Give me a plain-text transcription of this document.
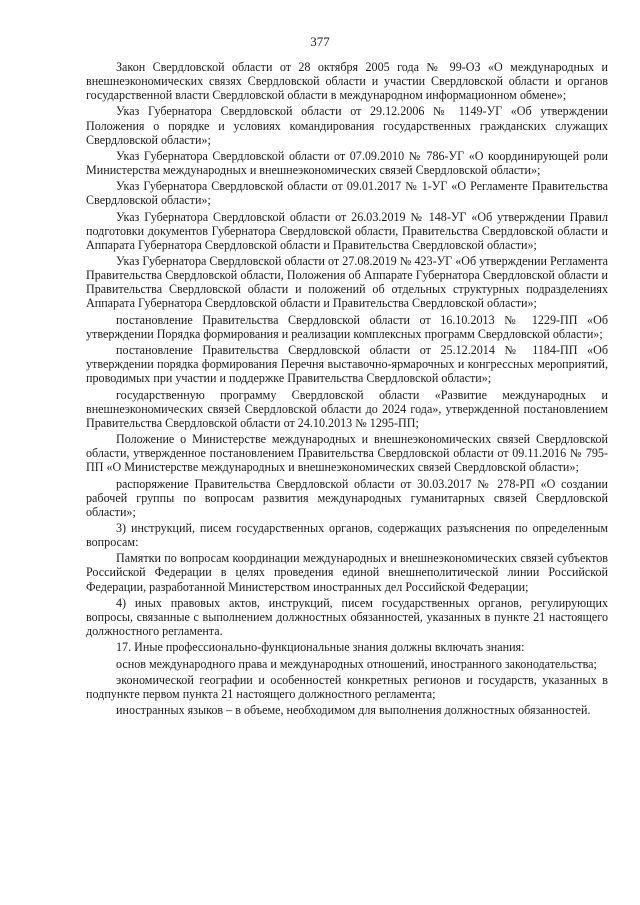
377

Закон Свердловской области от 28 октября 2005 года № 99-ОЗ «О международных и внешнеэкономических связях Свердловской области и участии Свердловской области и органов государственной власти Свердловской области в международном информационном обмене»;

Указ Губернатора Свердловской области от 29.12.2006 № 1149-УГ «Об утверждении Положения о порядке и условиях командирования государственных гражданских служащих Свердловской области»;

Указ Губернатора Свердловской области от 07.09.2010 № 786-УГ «О координирующей роли Министерства международных и внешнеэкономических связей Свердловской области»;

Указ Губернатора Свердловской области от 09.01.2017 № 1-УГ «О Регламенте Правительства Свердловской области»;

Указ Губернатора Свердловской области от 26.03.2019 № 148-УГ «Об утверждении Правил подготовки документов Губернатора Свердловской области, Правительства Свердловской области и Аппарата Губернатора Свердловской области и Правительства Свердловской области»;

Указ Губернатора Свердловской области от 27.08.2019 № 423-УГ «Об утверждении Регламента Правительства Свердловской области, Положения об Аппарате Губернатора Свердловской области и Правительства Свердловской области и положений об отдельных структурных подразделениях Аппарата Губернатора Свердловской области и Правительства Свердловской области»;

постановление Правительства Свердловской области от 16.10.2013 № 1229-ПП «Об утверждении Порядка формирования и реализации комплексных программ Свердловской области»;

постановление Правительства Свердловской области от 25.12.2014 № 1184-ПП «Об утверждении порядка формирования Перечня выставочно-ярмарочных и конгрессных мероприятий, проводимых при участии и поддержке Правительства Свердловской области»;

государственную программу Свердловской области «Развитие международных и внешнеэкономических связей Свердловской области до 2024 года», утвержденной постановлением Правительства Свердловской области от 24.10.2013 № 1295-ПП;

Положение о Министерстве международных и внешнеэкономических связей Свердловской области, утвержденное постановлением Правительства Свердловской области от 09.11.2016 № 795-ПП «О Министерстве международных и внешнеэкономических связей Свердловской области»;

распоряжение Правительства Свердловской области от 30.03.2017 № 278-РП «О создании рабочей группы по вопросам развития международных гуманитарных связей Свердловской области»;

3) инструкций, писем государственных органов, содержащих разъяснения по определенным вопросам:

Памятки по вопросам координации международных и внешнеэкономических связей субъектов Российской Федерации в целях проведения единой внешнеполитической линии Российской Федерации, разработанной Министерством иностранных дел Российской Федерации;

4) иных правовых актов, инструкций, писем государственных органов, регулирующих вопросы, связанные с выполнением должностных обязанностей, указанных в пункте 21 настоящего должностного регламента.

17. Иные профессионально-функциональные знания должны включать знания:

основ международного права и международных отношений, иностранного законодательства;

экономической географии и особенностей конкретных регионов и государств, указанных в подпункте первом пункта 21 настоящего должностного регламента;

иностранных языков – в объеме, необходимом для выполнения должностных обязанностей.
